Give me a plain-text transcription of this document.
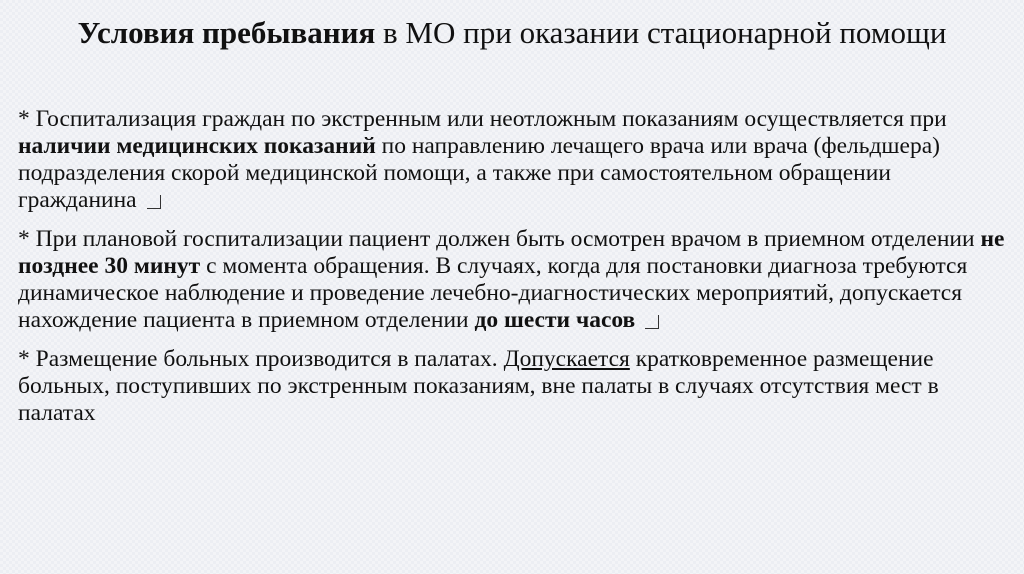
Условия пребывания в МО при оказании стационарной помощи

* Госпитализация граждан по экстренным или неотложным показаниям осуществляется при наличии медицинских показаний по направлению лечащего врача или врача (фельдшера) подразделения скорой медицинской помощи, а также при самостоятельном обращении гражданина

* При плановой госпитализации пациент должен быть осмотрен врачом в приемном отделении не позднее 30 минут с момента обращения. В случаях, когда для постановки диагноза требуются динамическое наблюдение и проведение лечебно-диагностических мероприятий, допускается нахождение пациента в приемном отделении до шести часов

* Размещение больных производится в палатах. Допускается кратковременное размещение больных, поступивших по экстренным показаниям, вне палаты в случаях отсутствия мест в палатах
